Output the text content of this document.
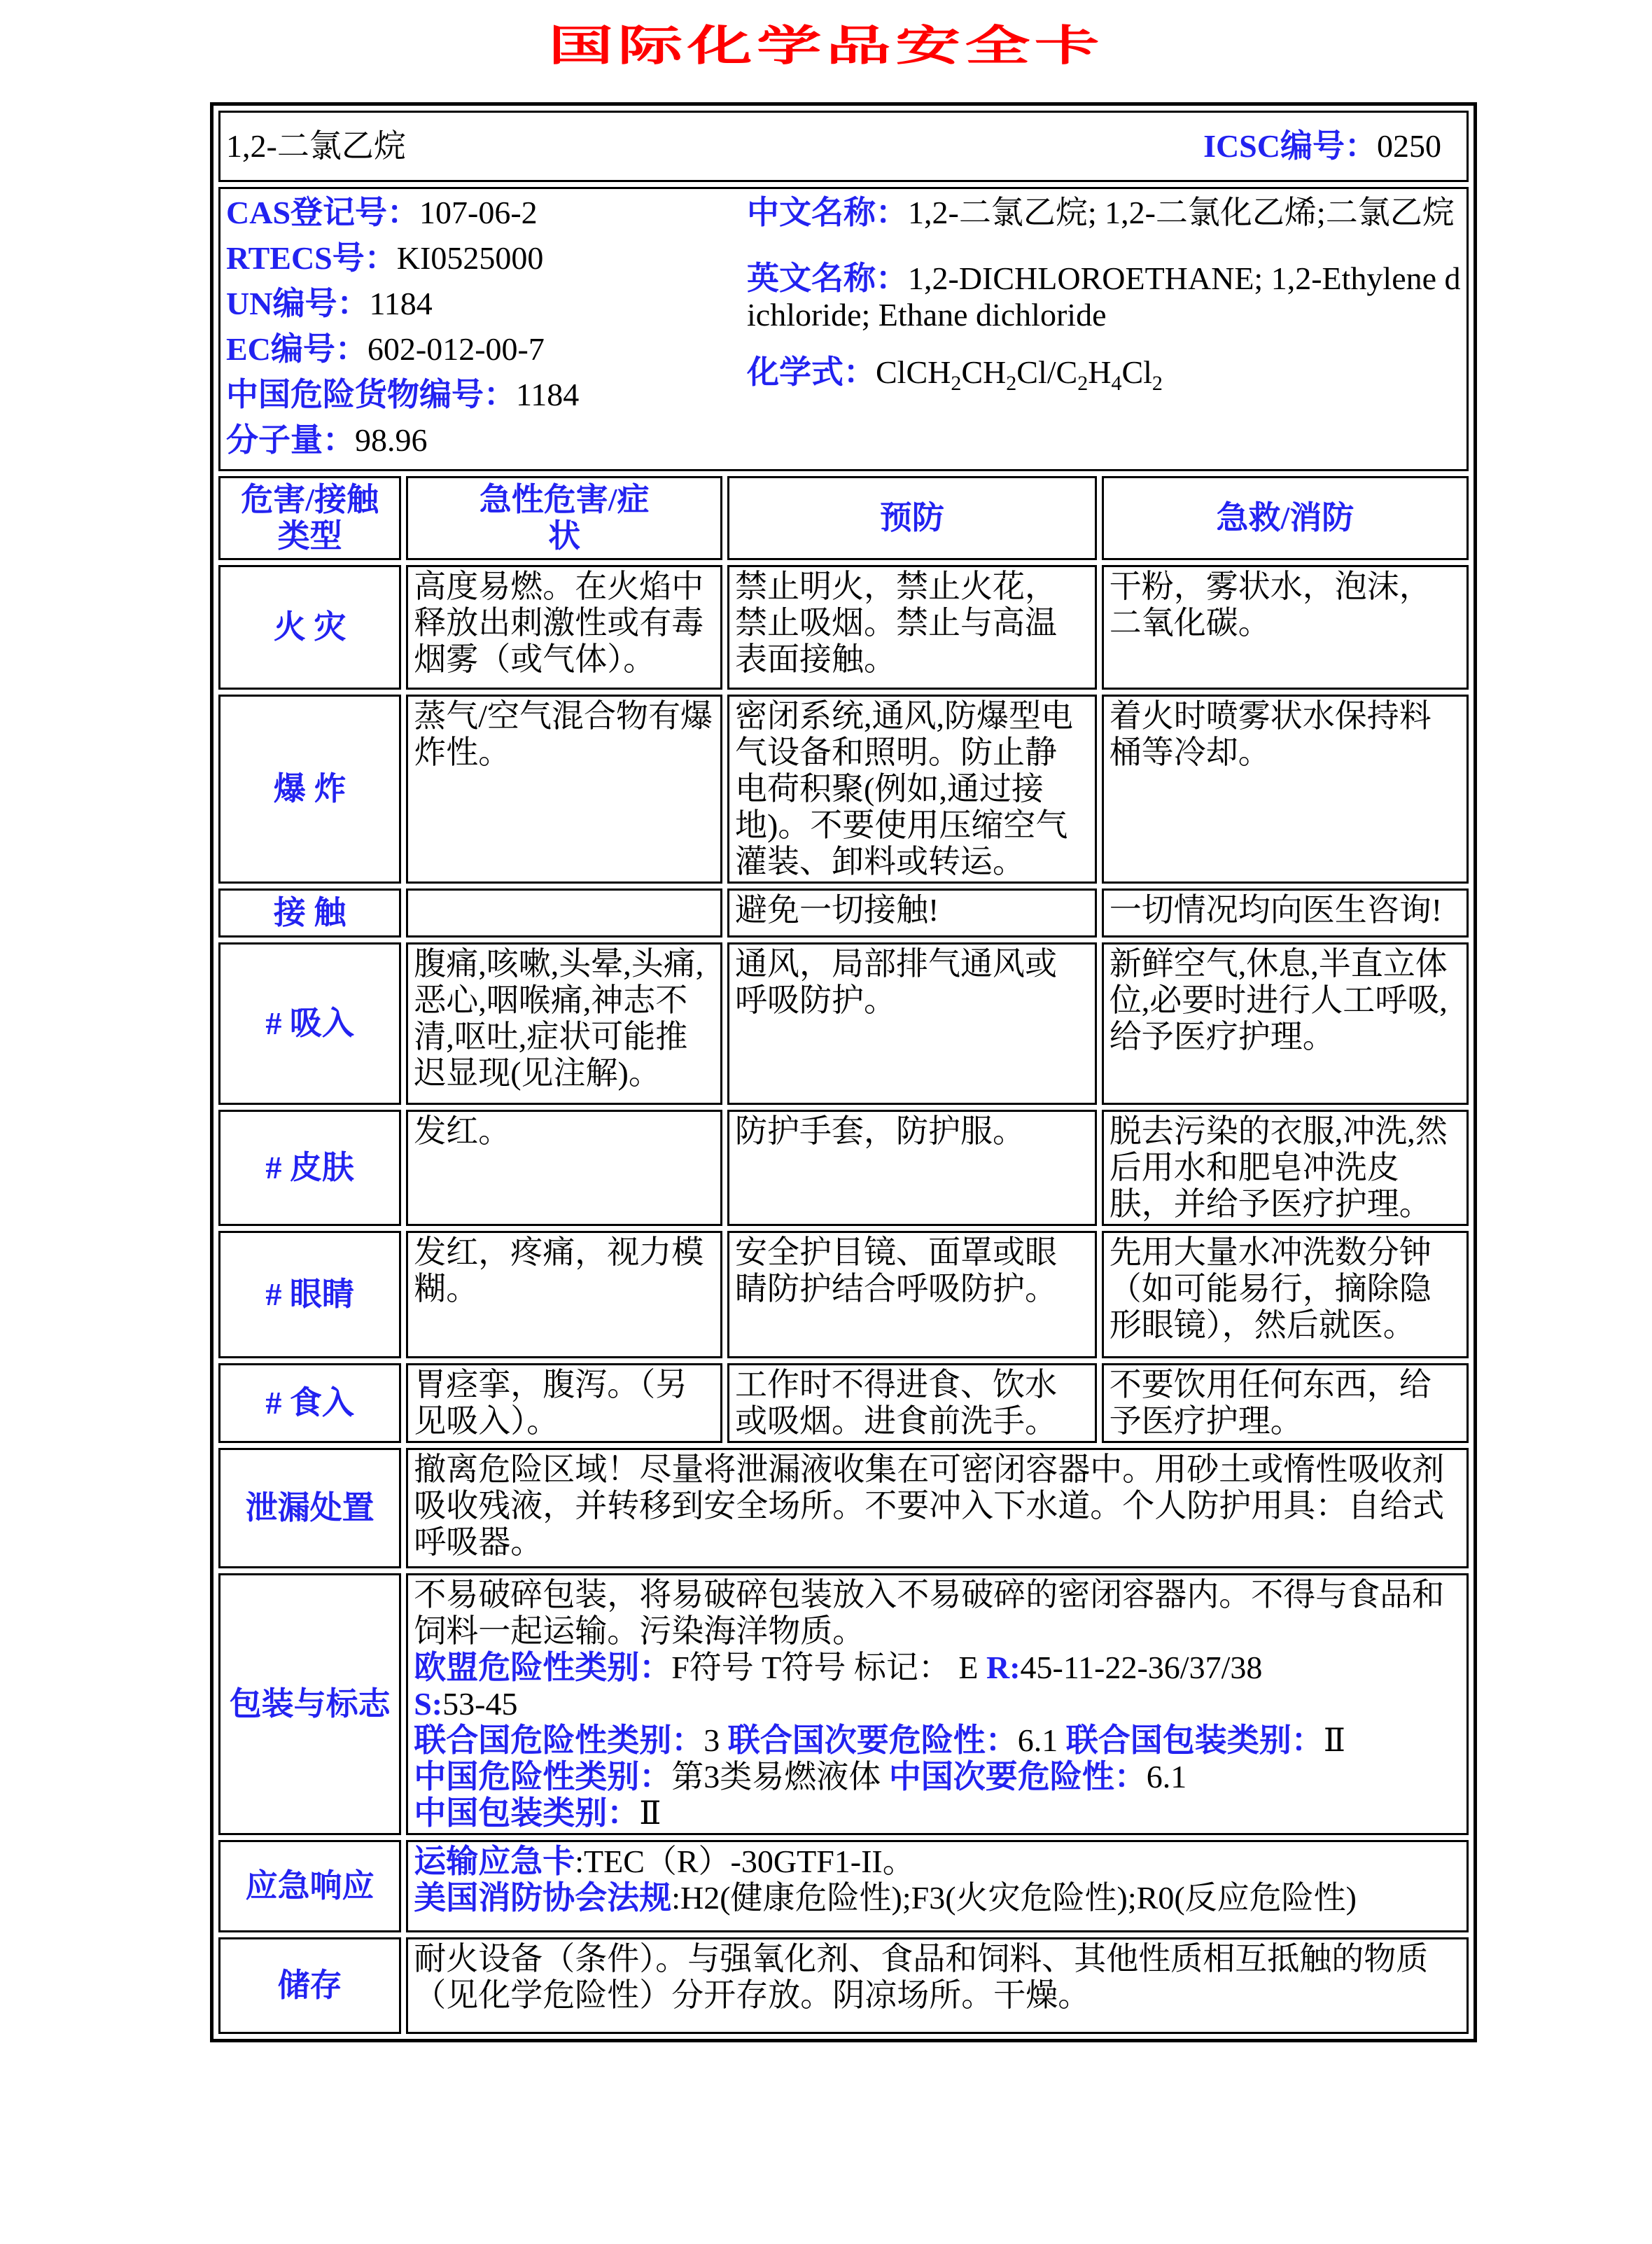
国际化学品安全卡
1,2-二氯乙烷 ICSC编号：0250			

CAS登记号：107-06-2
RTECS号：KI0525000
UN编号：1184
EC编号：602-012-00-7
中国危险货物编号：1184
分子量：98.96

中文名称：1,2-二氯乙烷; 1,2-二氯化乙烯;二氯乙烷

英文名称：1,2-DICHLOROETHANE; 1,2-Ethylene dichloride; Ethane dichloride

化学式：$ClCH_2CH_2Cl/C_2H_4Cl_2$

危害/接触类型	急性危害/症状	预防	急救/消防
火 灾	高度易燃。在火焰中释放出刺激性或有毒烟雾（或气体）。	禁止明火，禁止火花，禁止吸烟。禁止与高温表面接触。	干粉，雾状水，泡沫，二氧化碳。
爆 炸	蒸气/空气混合物有爆炸性。	密闭系统,通风,防爆型电气设备和照明。防止静电荷积聚(例如,通过接地)。不要使用压缩空气灌装、卸料或转运。	着火时喷雾状水保持料桶等冷却。
接 触		避免一切接触!	一切情况均向医生咨询!
# 吸入	腹痛,咳嗽,头晕,头痛,恶心,咽喉痛,神志不清,呕吐,症状可能推迟显现(见注解)。	通风，局部排气通风或呼吸防护。	新鲜空气,休息,半直立体位,必要时进行人工呼吸,给予医疗护理。
# 皮肤	发红。	防护手套，防护服。	脱去污染的衣服,冲洗,然后用水和肥皂冲洗皮肤，并给予医疗护理。
# 眼睛	发红，疼痛，视力模糊。	安全护目镜、面罩或眼睛防护结合呼吸防护。	先用大量水冲洗数分钟（如可能易行，摘除隐形眼镜），然后就医。
# 食入	胃痉挛，腹泻。（另见吸入）。	工作时不得进食、饮水或吸烟。进食前洗手。	不要饮用任何东西，给予医疗护理。
泄漏处置	撤离危险区域！尽量将泄漏液收集在可密闭容器中。用砂土或惰性吸收剂吸收残液，并转移到安全场所。不要冲入下水道。个人防护用具：自给式呼吸器。		
包装与标志	不易破碎包装，将易破碎包装放入不易破碎的密闭容器内。不得与食品和饲料一起运输。污染海洋物质。
欧盟危险性类别：F符号 T符号 标记： E R:45-11-22-36/37/38
S:53-45
联合国危险性类别：3 联合国次要危险性：6.1 联合国包装类别：Ⅱ
中国危险性类别：第3类易燃液体 中国次要危险性：6.1
中国包装类别：Ⅱ
应急响应	运输应急卡:TEC（R）-30GTF1-II。
美国消防协会法规:H2(健康危险性);F3(火灾危险性);R0(反应危险性)		
储存	耐火设备（条件）。与强氧化剂、食品和饲料、其他性质相互抵触的物质（见化学危险性）分开存放。阴凉场所。干燥。		
